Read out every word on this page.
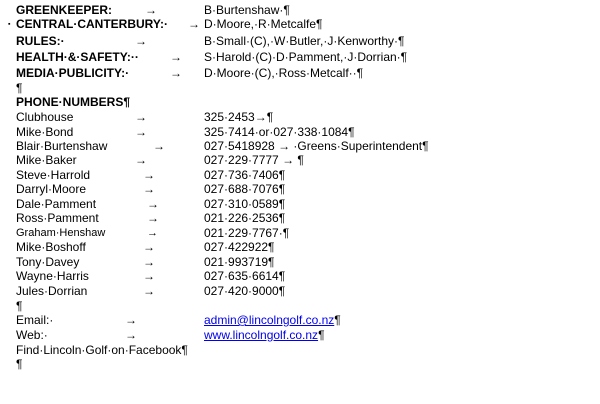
GREENKEEPER:	→	B·Burtenshaw·¶
▪ CENTRAL·CANTERBURY:· → D·Moore,·R·Metcalfe¶
RULES:·	→	B·Small·(C),·W·Butler,·J·Kenworthy·¶
HEALTH·&·SAFETY:··	→ S·Harold·(C)·D·Pamment,·J·Dorrian·¶
MEDIA·PUBLICITY:·	→ D·Moore·(C),·Ross·Metcalf··¶
¶
PHONE·NUMBERS¶
Clubhouse	→	325·2453→¶
Mike·Bond	→	325·7414·or·027·338·1084¶
Blair·Burtenshaw	→	027·5418928 → ·Greens·Superintendent¶
Mike·Baker	→	027·229·7777 → ¶
Steve·Harrold	→	027·736·7406¶
Darryl·Moore	→	027·688·7076¶
Dale·Pamment	→	027·310·0589¶
Ross·Pamment	→	021·226·2536¶
Graham·Henshaw	→	021·229·7767·¶
Mike·Boshoff	→	027·422922¶
Tony·Davey	→	021·993719¶
Wayne·Harris	→	027·635·6614¶
Jules·Dorrian	→	027·420·9000¶
¶
Email:·	→	admin@lincolngolf.co.nz¶
Web:·	→	www.lincolngolf.co.nz¶
Find·Lincoln·Golf·on·Facebook¶
¶
